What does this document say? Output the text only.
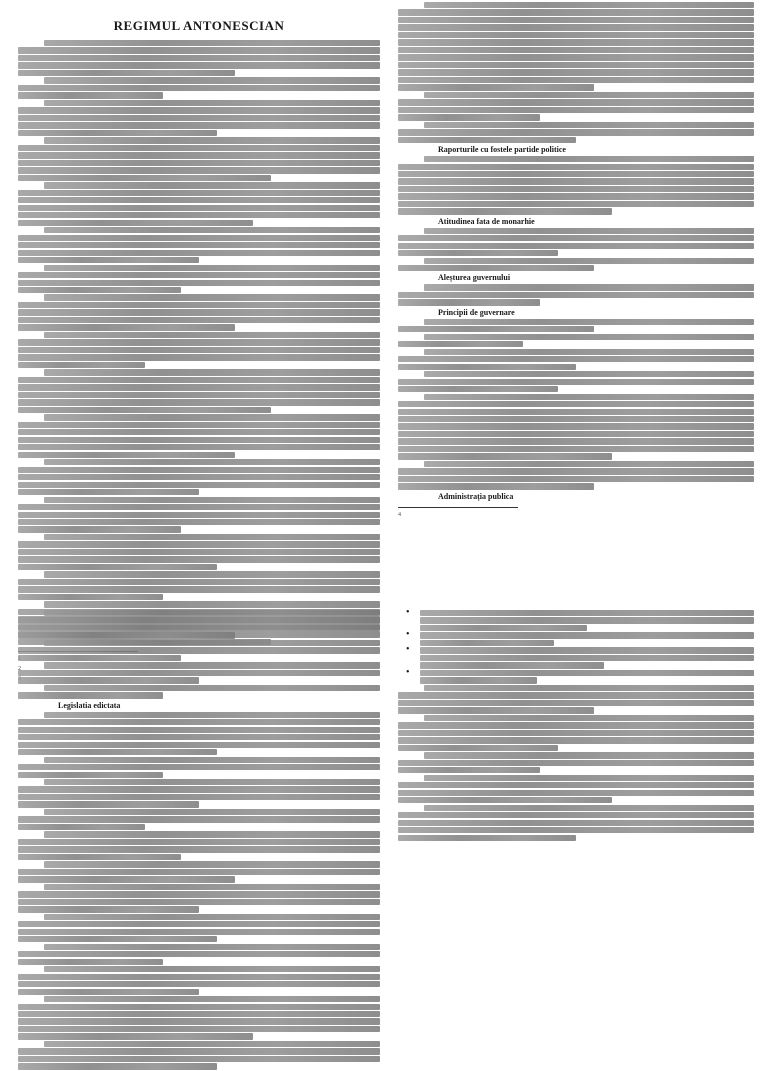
REGIMUL ANTONESCIAN
Raporturile cu fostele partide politice
Atitudinea fata de monarhie
Aleșturea guvernului
Principii de guvernare
Administrația publica
4
Legislatia edictata
•
•
•
•
